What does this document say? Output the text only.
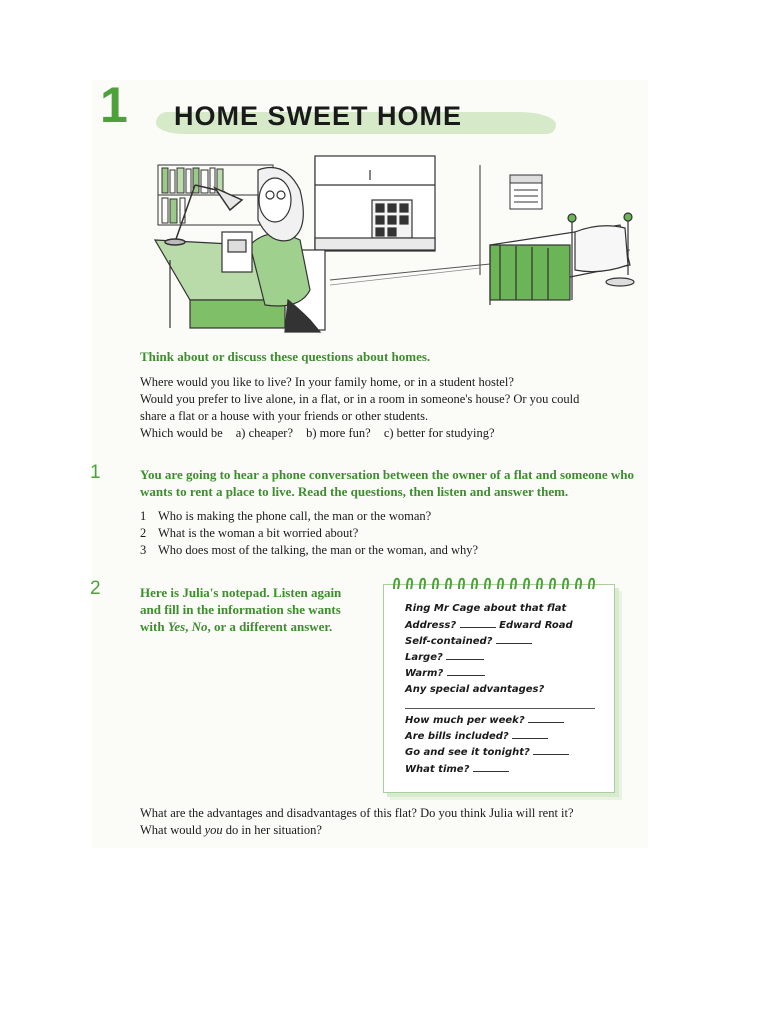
1 HOME SWEET HOME
Think about or discuss these questions about homes.

Where would you like to live? In your family home, or in a student hostel?

Would you prefer to live alone, in a flat, or in a room in someone's house? Or you could

share a flat or a house with your friends or other students.

Which would be a) cheaper? b) more fun? c) better for studying?

1	You are going to hear a phone conversation between the owner of a flat and someone who

wants to rent a place to live. Read the questions, then listen and answer them.

1 Who is making the phone call, the man or the woman?
2 What is the woman a bit worried about?
3 Who does most of the talking, the man or the woman, and why?
2	Here is Julia's notepad. Listen again

and fill in the information she wants

with Yes, No, or a different answer.

Ring Mr Cage about that flat
Address?	Edward Road
Self-contained?
Large?
Warm?
Any special advantages?
How much per week?
Are bills included?
Go and see it tonight?
What time?

What are the advantages and disadvantages of this flat? Do you think Julia will rent it?

What would you do in her situation?
